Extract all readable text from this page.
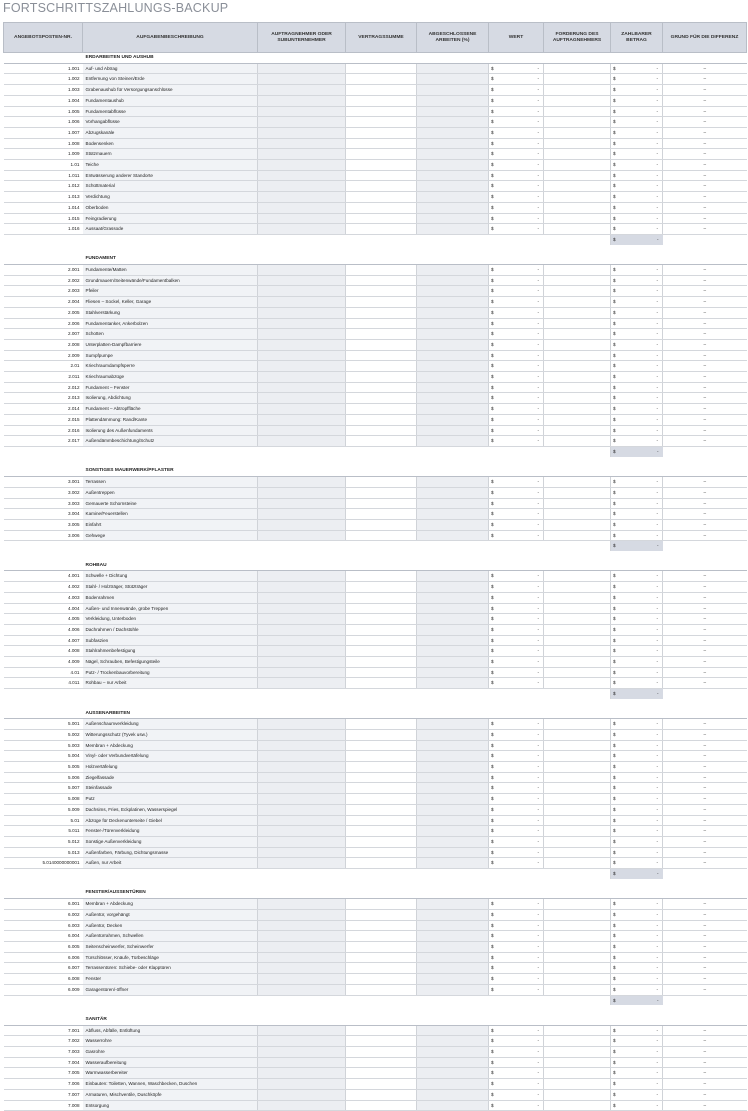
FORTSCHRITTSZAHLUNGS-BACKUP
ANGEBOTSPOSTEN-NR.	AUFGABENBESCHREIBUNG	AUFTRAGNEHMER ODER SUBUNTERNEHMER	VERTRAGSSUMME	ABGESCHLOSSENE ARBEITEN (%)	WERT	FORDERUNG DES AUFTRAGNEHMERS	ZAHLBARER BETRAG	GRUND FÜR DIE DIFFERENZ
	ERDARBEITEN UND AUSHUB							
1.001	Auf- und Abtrag				$ -		$ -	–
1.002	Entfernung von Steinen/Erde				$ -		$ -	–
1.003	Grabenaushub für Versorgungsanschlüsse				$ -		$ -	–
1.004	Fundamentaushub				$ -		$ -	–
1.005	Fundamentabflüsse				$ -		$ -	–
1.006	Vorhangabflüsse				$ -		$ -	–
1.007	Abzugskanäle				$ -		$ -	–
1.008	Bodensenken				$ -		$ -	–
1.009	Stützmauern				$ -		$ -	–
1.01	Teiche				$ -		$ -	–
1.011	Entwässerung anderer Standorte				$ -		$ -	–
1.012	Schüttmaterial				$ -		$ -	–
1.013	Verdichtung				$ -		$ -	–
1.014	Oberboden				$ -		$ -	–
1.015	Feingradierung				$ -		$ -	–
1.016	Aussaat/Grassode				$ -		$ -	–

							$ -	

	FUNDAMENT							
2.001	Fundamente/Matten				$ -		$ -	–
2.002	Grundmauern/Seitenwände/Fundamentbalken				$ -		$ -	–
2.003	Pfeiler				$ -		$ -	–
2.004	Fliesen – Sockel, Keller, Garage				$ -		$ -	–
2.005	Stahlverstärkung				$ -		$ -	–
2.006	Fundamentanker, Ankerbolzen				$ -		$ -	–
2.007	Schotten				$ -		$ -	–
2.008	Unterplatten-Dampfbarriere				$ -		$ -	–
2.009	Sumpfpumpe				$ -		$ -	–
2.01	Kriechraumdampfsperre				$ -		$ -	–
2.011	Kriechraumabzüge				$ -		$ -	–
2.012	Fundament – Fenster				$ -		$ -	–
2.013	Isolierung, Abdichtung				$ -		$ -	–
2.014	Fundament – Abtropfflächе				$ -		$ -	–
2.015	Plattendämmung: Rand/Kante				$ -		$ -	–
2.016	Isolierung des Außenfundaments				$ -		$ -	–
2.017	Außendämmbeschichtung/Schutz				$ -		$ -	–

							$ -	

	SONSTIGES MAUERWERK/PFLASTER							
3.001	Terrassen				$ -		$ -	–
3.002	Außentreppen				$ -		$ -	–
3.003	Gemauerte Schornsteine				$ -		$ -	–
3.004	Kamine/Feuerstellen				$ -		$ -	–
3.005	Einfahrt				$ -		$ -	–
3.006	Gehwege				$ -		$ -	–

							$ -	

	ROHBAU							
4.001	Schwelle + Dichtung				$ -		$ -	–
4.002	Stahl- / Holzträger, Stützträger				$ -		$ -	–
4.003	Bodenrahmen				$ -		$ -	–
4.004	Außen- und Innenwände, grobe Treppen				$ -		$ -	–
4.005	Verkleidung, Unterboden				$ -		$ -	–
4.006	Dachrahmen / Dachstühle				$ -		$ -	–
4.007	Subfaszien				$ -		$ -	–
4.008	Stahlrahmenbefestigung				$ -		$ -	–
4.009	Nägel, Schrauben, Befestigungsteile				$ -		$ -	–
4.01	Putz- / Trockenbauvorbereitung				$ -		$ -	–
4.011	Rohbau – nur Arbeit				$ -		$ -	–

							$ -	

	AUSSENARBEITEN							
5.001	Außenschaumverkleidung				$ -		$ -	–
5.002	Witterungsschutz (Tyvek usw.)				$ -		$ -	–
5.003	Membran + Abdeckung				$ -		$ -	–
5.004	Vinyl- oder Verbundvertäfelung				$ -		$ -	–
5.005	Holzvertäfelung				$ -		$ -	–
5.006	Ziegelfassade				$ -		$ -	–
5.007	Steinfassade				$ -		$ -	–
5.008	Putz				$ -		$ -	–
5.009	Dachsims, Fries, Eckplatinen, Wasserspiegel				$ -		$ -	–
5.01	Abzüge für Deckenunterseite / Giebel				$ -		$ -	–
5.011	Fenster-/Türenverkleidung				$ -		$ -	–
5.012	Sonstige Außenverkleidung				$ -		$ -	–
5.013	Außenfarben, Färbung, Dichtungsmasse				$ -		$ -	–
5.0140000000001	Außen, nur Arbeit				$ -		$ -	–

							$ -	

	FENSTER/AUSSENTÜREN							
6.001	Membran + Abdeckung				$ -		$ -	–
6.002	Außentür, vorgehängt				$ -		$ -	–
6.003	Außentür, Decken				$ -		$ -	–
6.004	Außentürrahmen, Schwellen				$ -		$ -	–
6.005	Seitenscheinwerfer, Scheinwerfer				$ -		$ -	–
6.006	Türschlösser, Knäufe, Türbeschläge				$ -		$ -	–
6.007	Terrassentüren: Schiebe- oder Klapptüren				$ -		$ -	–
6.008	Fenster				$ -		$ -	–
6.009	Garagentüren/-öffner				$ -		$ -	–

							$ -	

	SANITÄR							
7.001	Abfluss, Abfälle, Entlüftung				$ -		$ -	–
7.002	Wasserrohre				$ -		$ -	–
7.003	Gasrohre				$ -		$ -	–
7.004	Wasseraufbereitung				$ -		$ -	–
7.005	Warmwasserbereiter				$ -		$ -	–
7.006	Einbauten: Toiletten, Wannen, Waschbecken, Duschen				$ -		$ -	–
7.007	Armaturen, Mischventile, Duschköpfe				$ -		$ -	–
7.008	Entsorgung				$ -		$ -	–
